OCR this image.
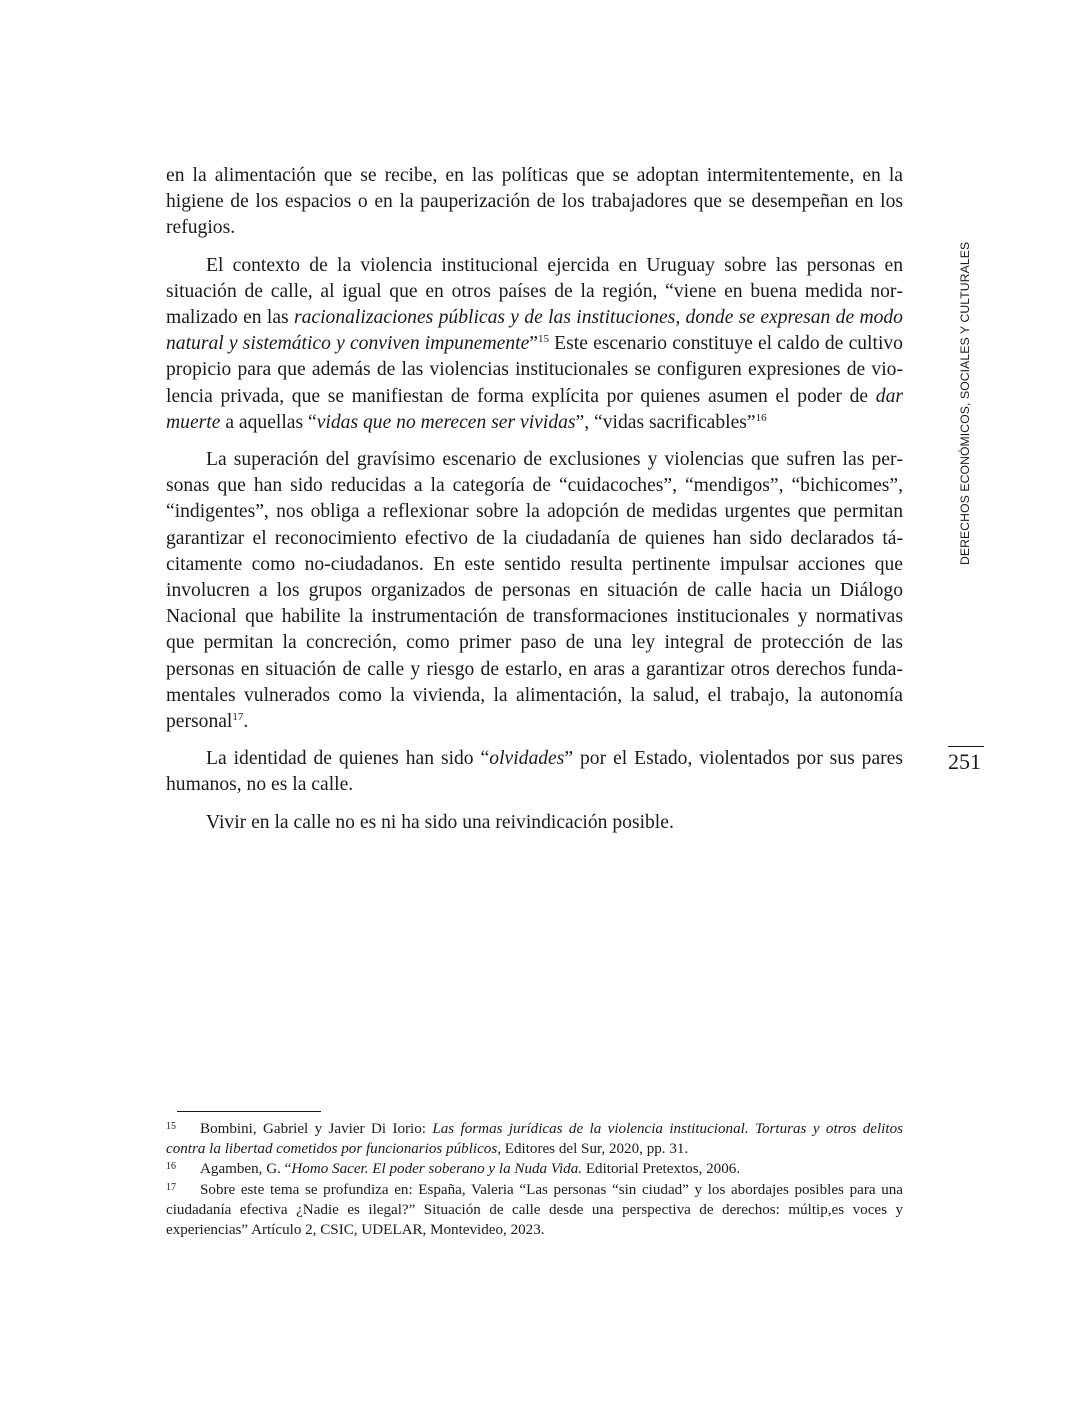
DERECHOS ECONÓMICOS, SOCIALES Y CULTURALES
251

en la alimentación que se recibe, en las políticas que se adoptan intermitentemente, en la higiene de los espacios o en la pauperización de los trabajadores que se desempeñan en los refugios.

El contexto de la violencia institucional ejercida en Uruguay sobre las personas en situación de calle, al igual que en otros países de la región, “viene en buena medida normalizado en las racionalizaciones públicas y de las instituciones, donde se expresan de modo natural y sistemático y conviven impunemente”$^{15}$ Este escenario constituye el caldo de cultivo propicio para que además de las violencias institucionales se configuren expresiones de violencia privada, que se manifiestan de forma explícita por quienes asumen el poder de dar muerte a aquellas “vidas que no merecen ser vividas”, “vidas sacrificables”$^{16}$

La superación del gravísimo escenario de exclusiones y violencias que sufren las personas que han sido reducidas a la categoría de “cuidacoches”, “mendigos”, “bichicomes”, “indigentes”, nos obliga a reflexionar sobre la adopción de medidas urgentes que permitan garantizar el reconocimiento efectivo de la ciudadanía de quienes han sido declarados tácitamente como no-ciudadanos. En este sentido resulta pertinente impulsar acciones que involucren a los grupos organizados de personas en situación de calle hacia un Diálogo Nacional que habilite la instrumentación de transformaciones institucionales y normativas que permitan la concreción, como primer paso de una ley integral de protección de las personas en situación de calle y riesgo de estarlo, en aras a garantizar otros derechos fundamentales vulnerados como la vivienda, la alimentación, la salud, el trabajo, la autonomía personal$^{17}$.

La identidad de quienes han sido “olvidades” por el Estado, violentados por sus pares humanos, no es la calle.

Vivir en la calle no es ni ha sido una reivindicación posible.

15 Bombini, Gabriel y Javier Di Iorio: Las formas jurídicas de la violencia institucional. Torturas y otros delitos contra la libertad cometidos por funcionarios públicos, Editores del Sur, 2020, pp. 31.

16 Agamben, G. “Homo Sacer. El poder soberano y la Nuda Vida. Editorial Pretextos, 2006.

17 Sobre este tema se profundiza en: España, Valeria “Las personas “sin ciudad” y los abordajes posibles para una ciudadanía efectiva ¿Nadie es ilegal?” Situación de calle desde una perspectiva de derechos: múltip,es voces y experiencias” Artículo 2, CSIC, UDELAR, Montevideo, 2023.
